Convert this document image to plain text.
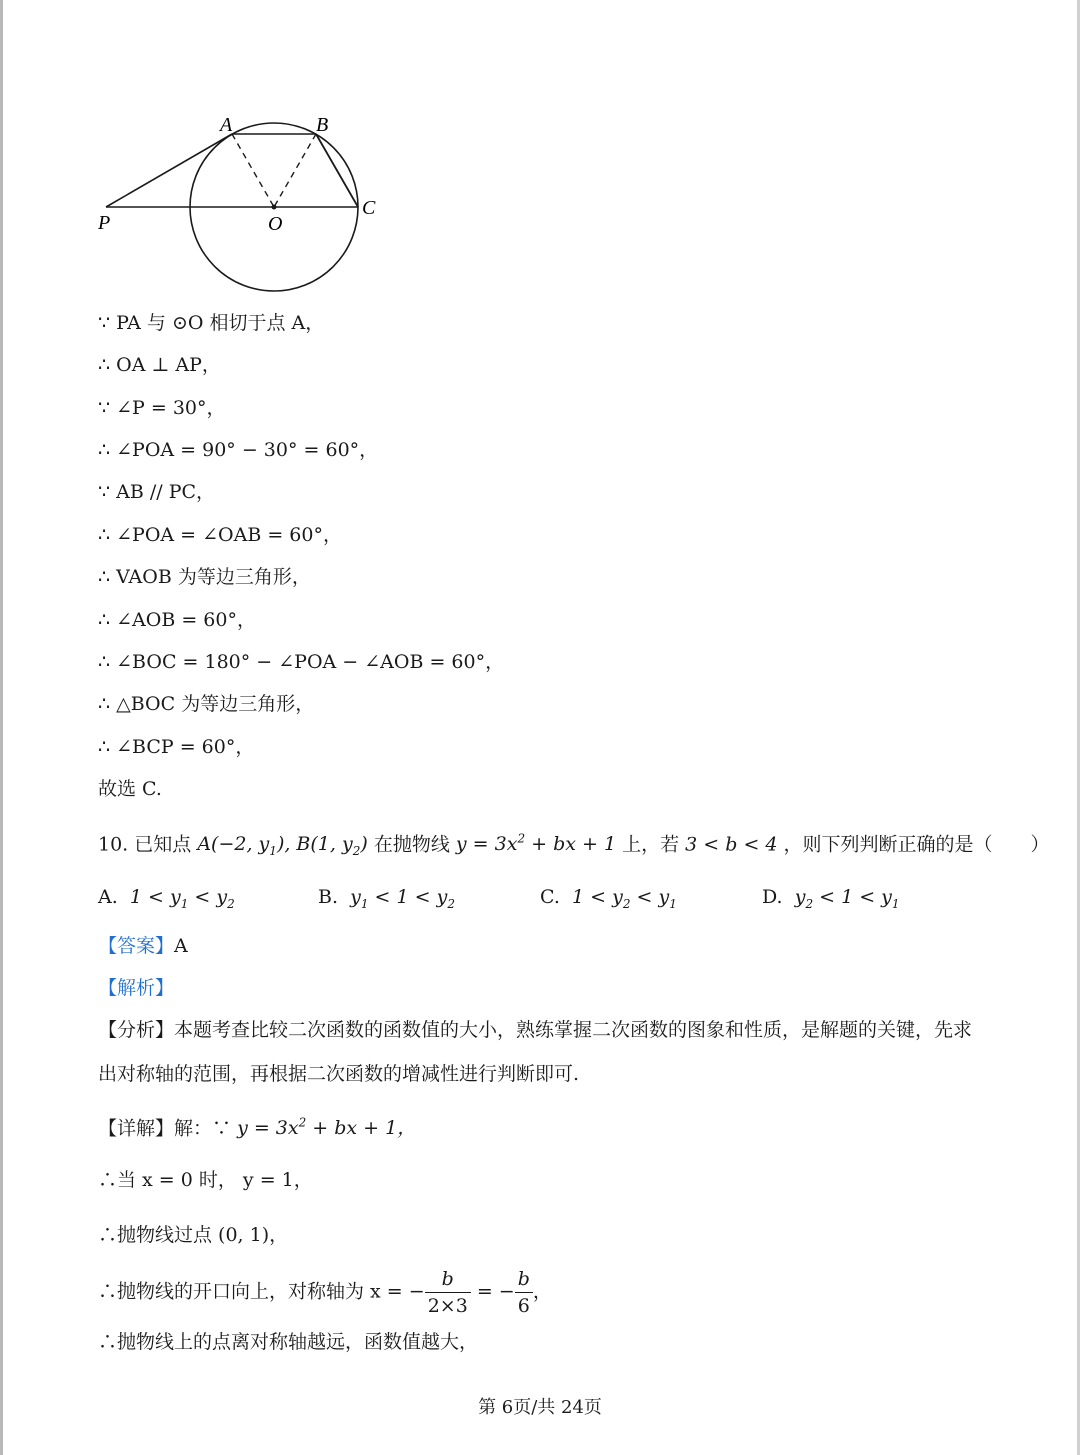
A	B
C
O
P
∵ PA 与 ⊙O 相切于点 A，
∴ OA ⊥ AP，
∵ ∠P = 30°，
∴ ∠POA = 90° − 30° = 60°，
∵ AB // PC，
∴ ∠POA = ∠OAB = 60°，
∴ VAOB 为等边三角形，
∴ ∠AOB = 60°，
∴ ∠BOC = 180° − ∠POA − ∠AOB = 60°，
∴ △BOC 为等边三角形，
∴ ∠BCP = 60°，
故选 C.
10. 已知点 A(−2, $y_1$), B(1, $y_2$) 在抛物线 $y = 3x^2$ + bx + 1 上，若 3 < b < 4 ，则下列判断正确的是（　　）
A. $1 < y_1 < y_2$	B. $y_1 < 1 < y_2$	C. $1 < y_2 < y_1$	D. $y_2 < 1 < y_1$
【答案】A
【解析】
【分析】本题考查比较二次函数的函数值的大小，熟练掌握二次函数的图象和性质，是解题的关键，先求出对称轴的范围，再根据二次函数的增减性进行判断即可.
【详解】解：∵ $y = 3x^2$ + bx + 1，
∴当 x = 0 时， y = 1，
∴抛物线过点 (0, 1)，
∴抛物线的开口向上，对称轴为 x = − $\frac{b}{2\times 3}$ = − $\frac{b}{6}$ ，
∴抛物线上的点离对称轴越远，函数值越大，
第 6页/共 24页
